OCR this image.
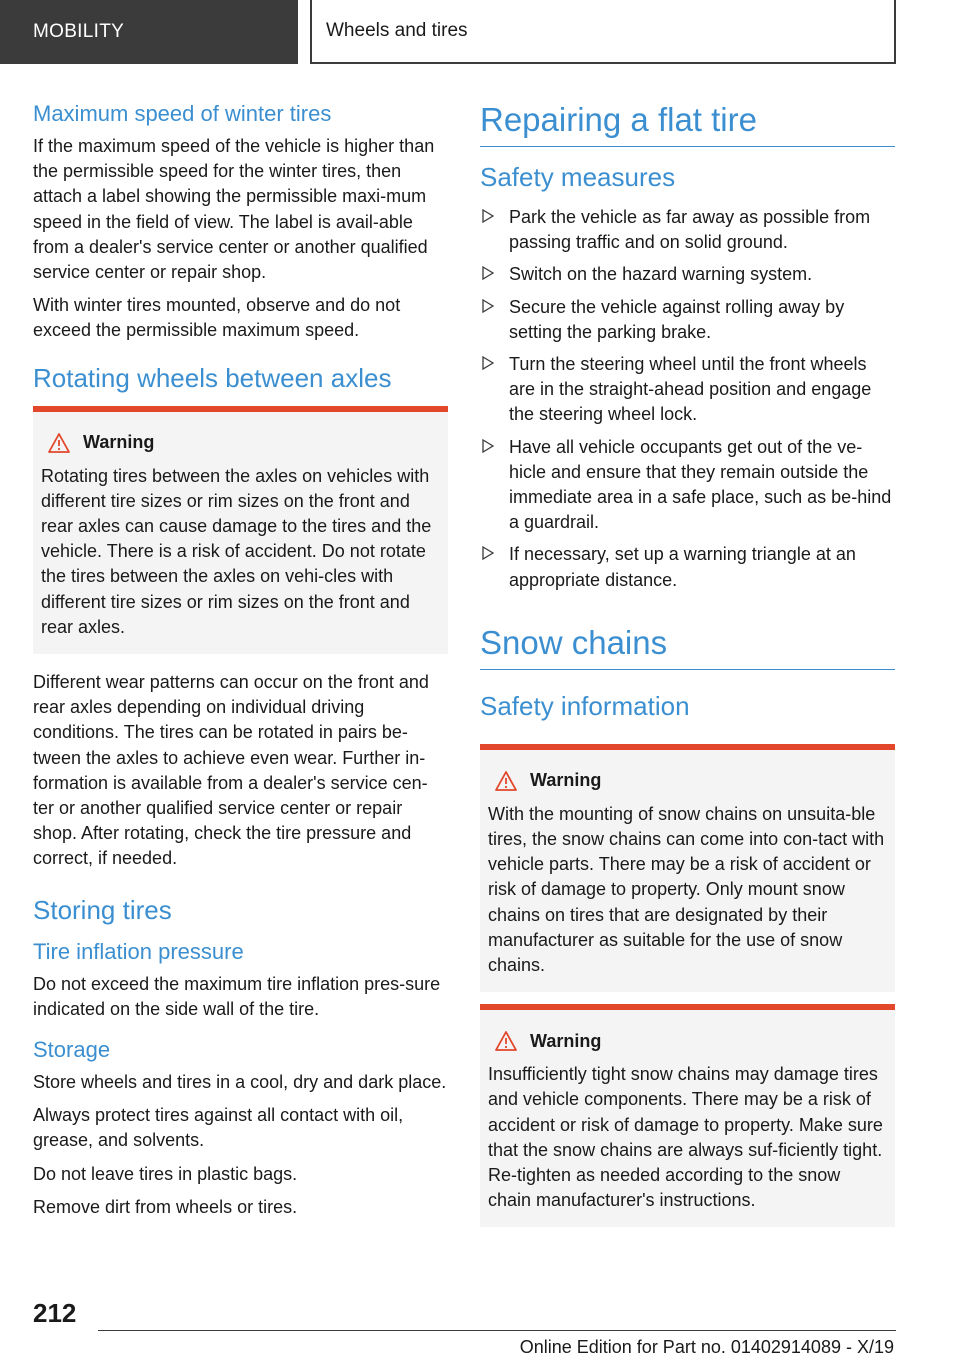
MOBILITY	Wheels and tires
Maximum speed of winter tires

If the maximum speed of the vehicle is higher than the permissible speed for the winter tires, then attach a label showing the permissible maxi-mum speed in the field of view. The label is avail-able from a dealer's service center or another qualified service center or repair shop.

With winter tires mounted, observe and do not exceed the permissible maximum speed.

Rotating wheels between axles
Warning

Rotating tires between the axles on vehicles with different tire sizes or rim sizes on the front and rear axles can cause damage to the tires and the vehicle. There is a risk of accident. Do not rotate the tires between the axles on vehi-cles with different tire sizes or rim sizes on the front and rear axles.

Different wear patterns can occur on the front and rear axles depending on individual driving conditions. The tires can be rotated in pairs be-tween the axles to achieve even wear. Further in-formation is available from a dealer's service cen-ter or another qualified service center or repair shop. After rotating, check the tire pressure and correct, if needed.

Storing tires
Tire inflation pressure

Do not exceed the maximum tire inflation pres-sure indicated on the side wall of the tire.

Storage

Store wheels and tires in a cool, dry and dark place.

Always protect tires against all contact with oil, grease, and solvents.

Do not leave tires in plastic bags.

Remove dirt from wheels or tires.

Repairing a flat tire
Safety measures
Park the vehicle as far away as possible from passing traffic and on solid ground.
Switch on the hazard warning system.
Secure the vehicle against rolling away by setting the parking brake.
Turn the steering wheel until the front wheels are in the straight-ahead position and engage the steering wheel lock.
Have all vehicle occupants get out of the ve-hicle and ensure that they remain outside the immediate area in a safe place, such as be-hind a guardrail.
If necessary, set up a warning triangle at an appropriate distance.
Snow chains
Safety information
Warning

With the mounting of snow chains on unsuita-ble tires, the snow chains can come into con-tact with vehicle parts. There may be a risk of accident or risk of damage to property. Only mount snow chains on tires that are designated by their manufacturer as suitable for the use of snow chains.

Warning

Insufficiently tight snow chains may damage tires and vehicle components. There may be a risk of accident or risk of damage to property. Make sure that the snow chains are always suf-ficiently tight. Re-tighten as needed according to the snow chain manufacturer's instructions.

212
Online Edition for Part no. 01402914089 - X/19
